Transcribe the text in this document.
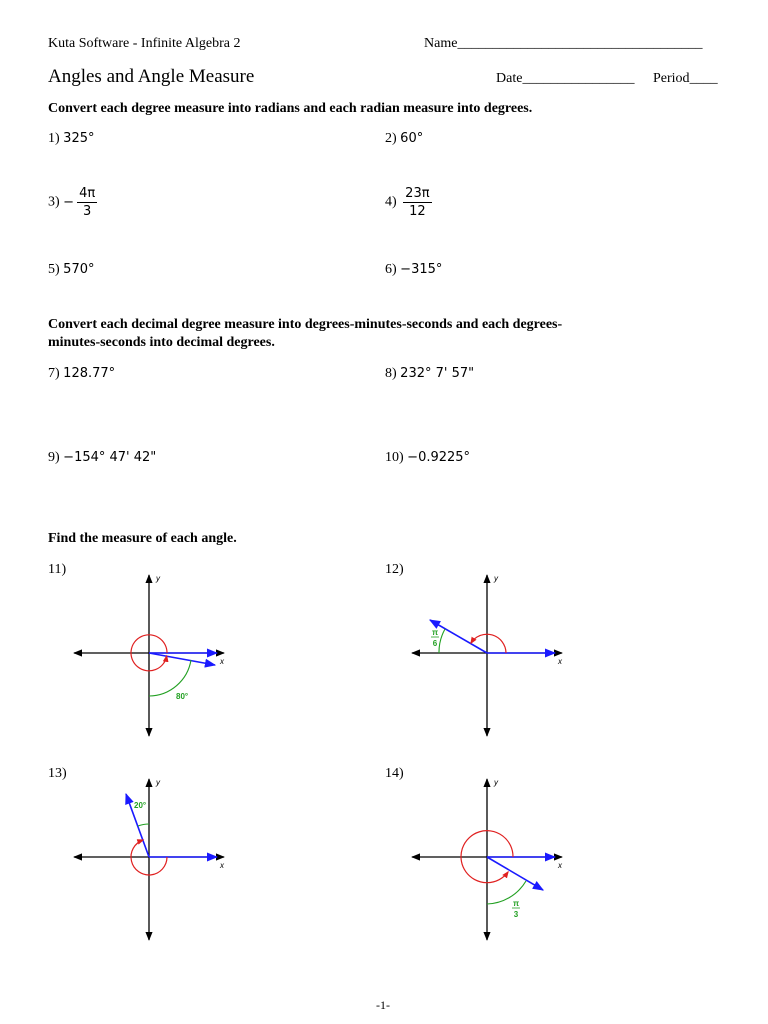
Kuta Software - Infinite Algebra 2	Name___________________________________
Angles and Angle Measure	Date________________ Period____
Convert each degree measure into radians and each radian measure into degrees.
1) 325°	2) 60°
$3) - \frac{4\pi}{3}$	$4) \frac{23\pi}{12}$
5) 570°	6) −315°
Convert each decimal degree measure into degrees-minutes-seconds and each degrees-minutes-seconds into decimal degrees.
7) 128.77°	8) 232° 7' 57"
9) −154° 47' 42"	10) −0.9225°
Find the measure of each angle.
11)
y
x
80°
12)
y
x
π
6
13)
y
x
20°
14)
y
x
π
3
-1-
